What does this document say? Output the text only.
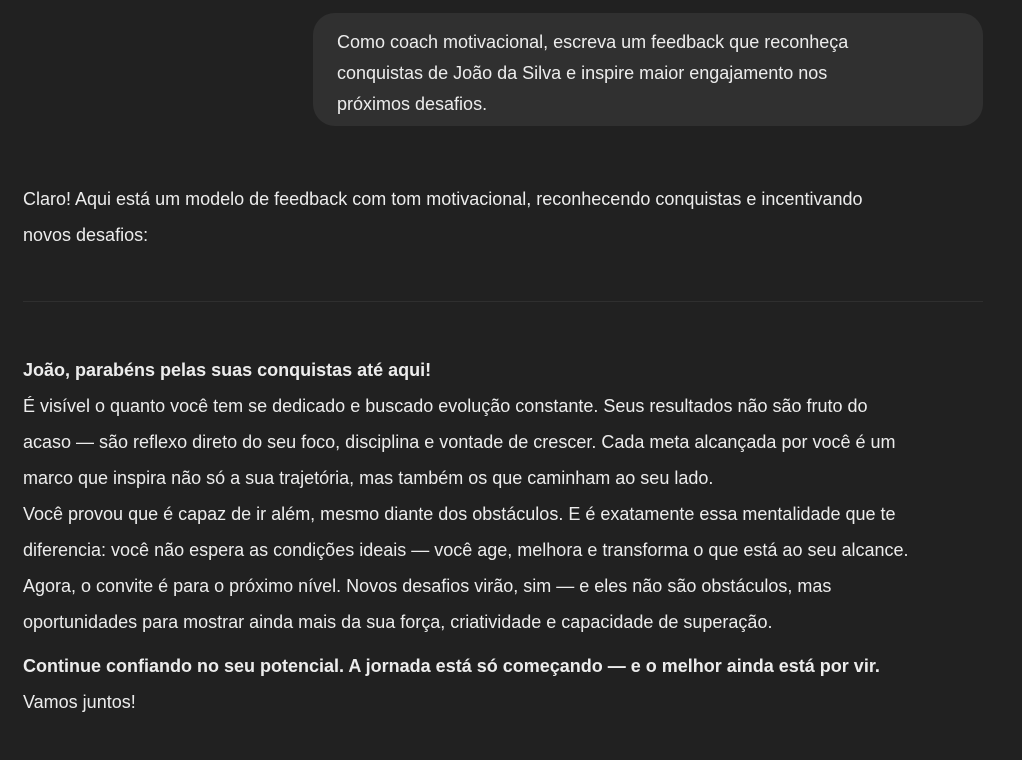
Como coach motivacional, escreva um feedback que reconheça
conquistas de João da Silva e inspire maior engajamento nos
próximos desafios.
Claro! Aqui está um modelo de feedback com tom motivacional, reconhecendo conquistas e incentivando
novos desafios:
João, parabéns pelas suas conquistas até aqui!
É visível o quanto você tem se dedicado e buscado evolução constante. Seus resultados não são fruto do
acaso — são reflexo direto do seu foco, disciplina e vontade de crescer. Cada meta alcançada por você é um
marco que inspira não só a sua trajetória, mas também os que caminham ao seu lado.
Você provou que é capaz de ir além, mesmo diante dos obstáculos. E é exatamente essa mentalidade que te
diferencia: você não espera as condições ideais — você age, melhora e transforma o que está ao seu alcance.
Agora, o convite é para o próximo nível. Novos desafios virão, sim — e eles não são obstáculos, mas
oportunidades para mostrar ainda mais da sua força, criatividade e capacidade de superação.
Continue confiando no seu potencial. A jornada está só começando — e o melhor ainda está por vir.
Vamos juntos!
